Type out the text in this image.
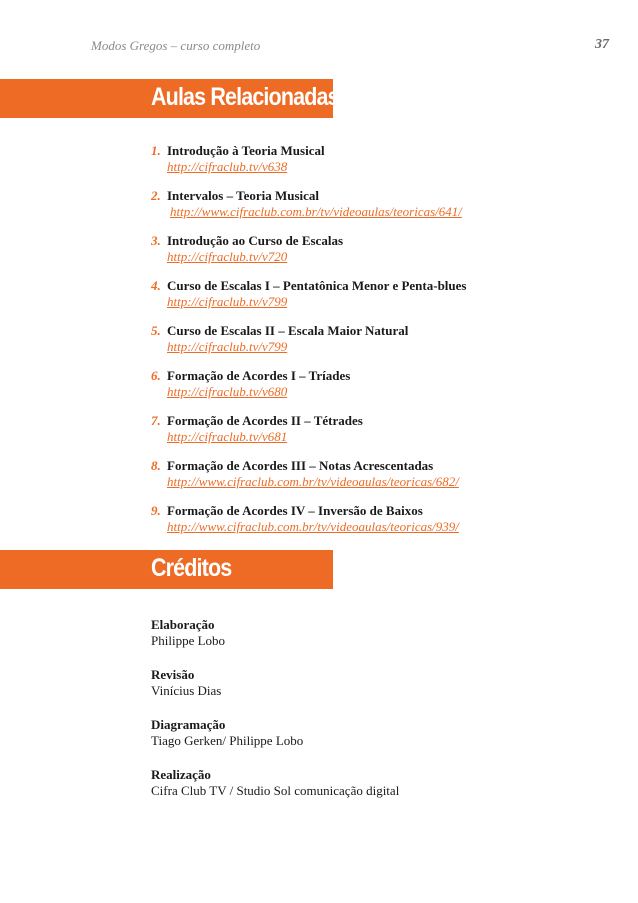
Modos Gregos – curso completo	37
Aulas Relacionadas
1. Introdução à Teoria Musical
http://cifraclub.tv/v638
2. Intervalos – Teoria Musical
http://www.cifraclub.com.br/tv/videoaulas/teoricas/641/
3. Introdução ao Curso de Escalas
http://cifraclub.tv/v720
4. Curso de Escalas I – Pentatônica Menor e Penta-blues
http://cifraclub.tv/v799
5. Curso de Escalas II – Escala Maior Natural
http://cifraclub.tv/v799
6. Formação de Acordes I – Tríades
http://cifraclub.tv/v680
7. Formação de Acordes II – Tétrades
http://cifraclub.tv/v681
8. Formação de Acordes III – Notas Acrescentadas
http://www.cifraclub.com.br/tv/videoaulas/teoricas/682/
9. Formação de Acordes IV – Inversão de Baixos
http://www.cifraclub.com.br/tv/videoaulas/teoricas/939/
Créditos
Elaboração
Philippe Lobo
Revisão
Vinícius Dias
Diagramação
Tiago Gerken/ Philippe Lobo
Realização
Cifra Club TV / Studio Sol comunicação digital
